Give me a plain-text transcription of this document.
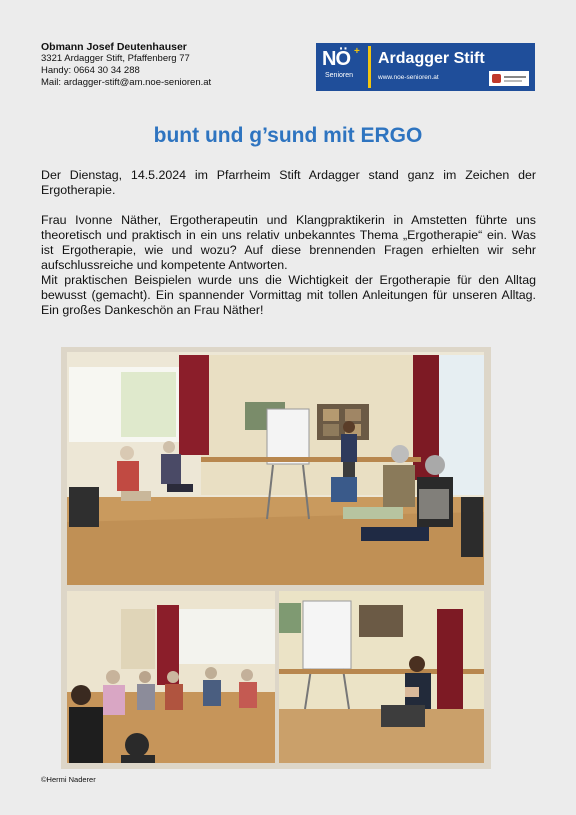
Obmann Josef Deutenhauser
3321 Ardagger Stift, Pfaffenberg 77
Handy: 0664 30 34 288
Mail: ardagger-stift@am.noe-senioren.at
NÖ +
Senioren
Ardagger Stift
www.noe-senioren.at
bunt und g’sund mit ERGO

Der Dienstag, 14.5.2024 im Pfarrheim Stift Ardagger stand ganz im Zeichen der Ergotherapie.

Frau Ivonne Näther, Ergotherapeutin und Klangpraktikerin in Amstetten führte uns theoretisch und praktisch in ein uns relativ unbekanntes Thema „Ergotherapie“ ein. Was ist Ergotherapie, wie und wozu? Auf diese brennenden Fragen erhielten wir sehr aufschlussreiche und kompetente Antworten.

Mit praktischen Beispielen wurde uns die Wichtigkeit der Ergotherapie für den Alltag bewusst (gemacht). Ein spannender Vormittag mit tollen Anleitungen für unseren Alltag. Ein großes Dankeschön an Frau Näther!

©Hermi Naderer
